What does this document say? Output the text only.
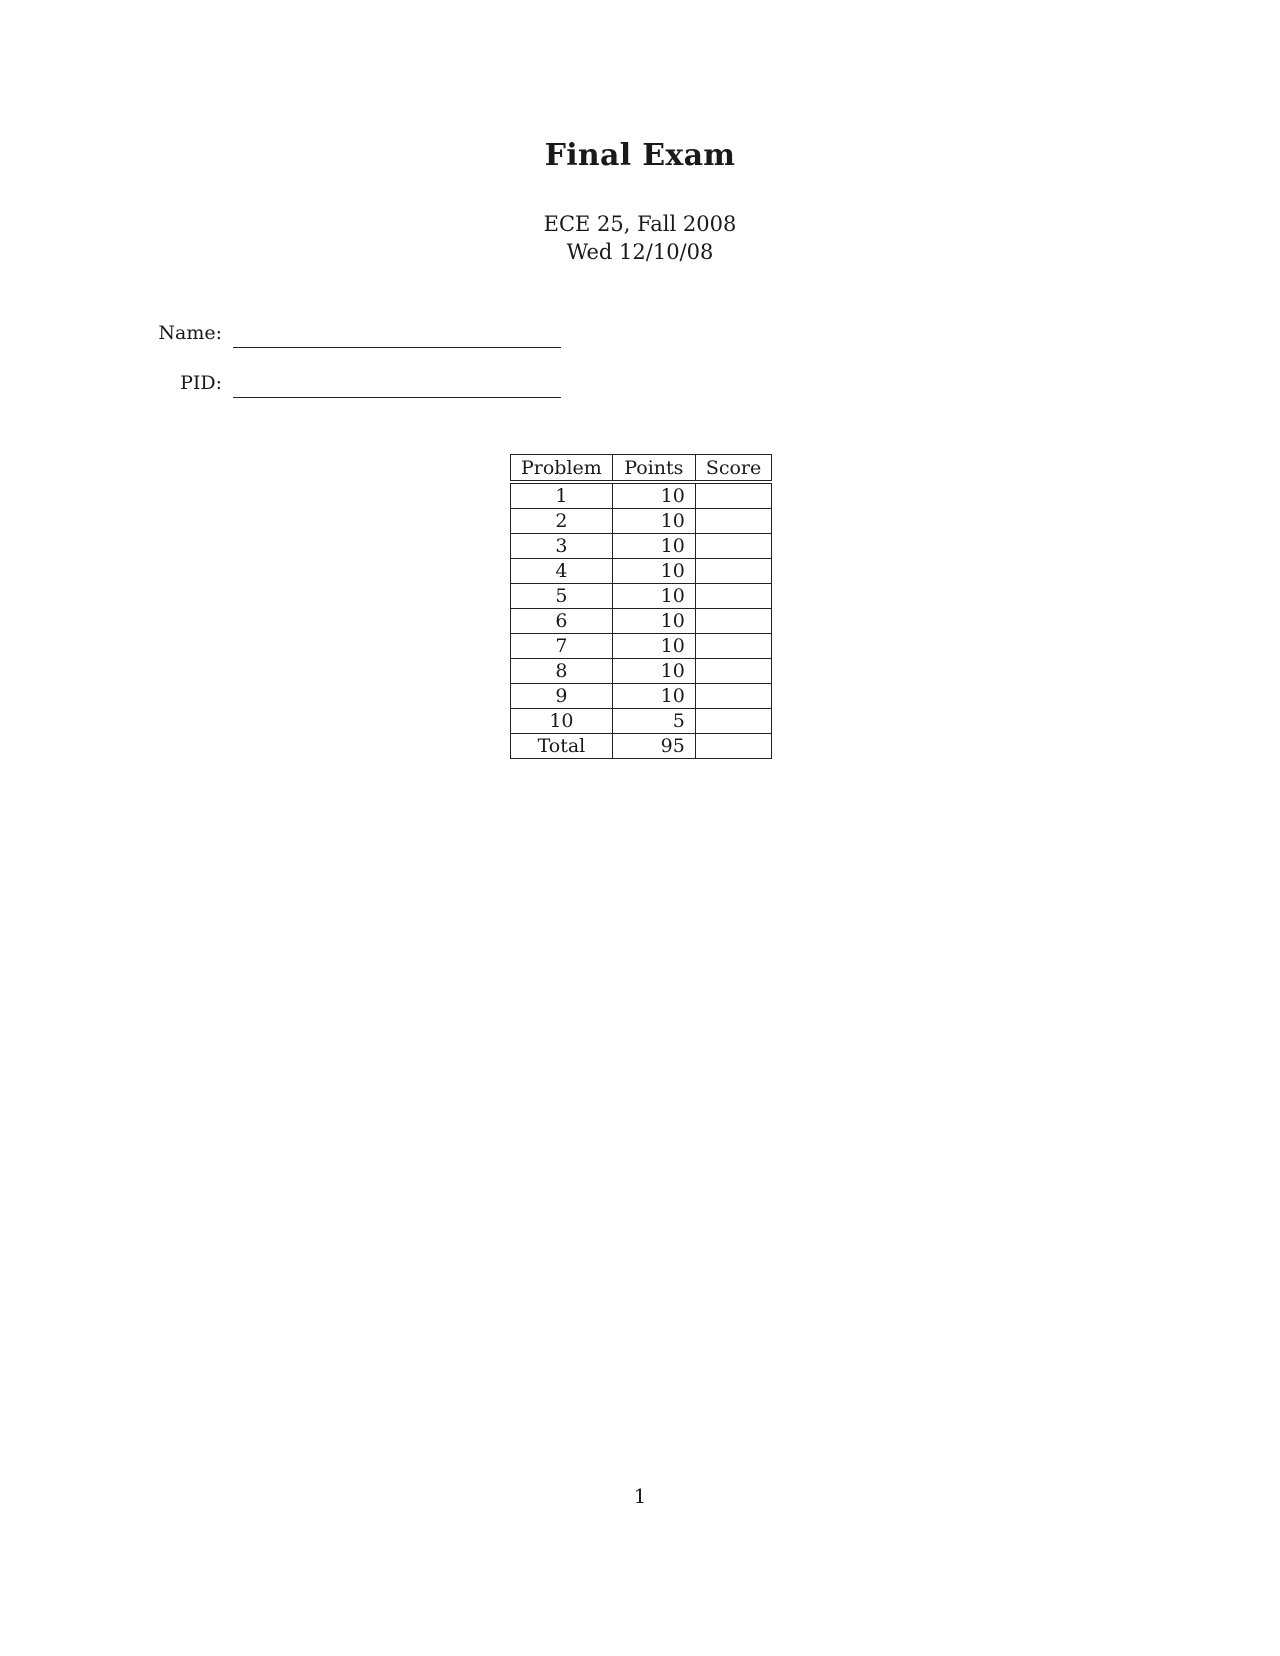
Final Exam
ECE 25, Fall 2008
Wed 12/10/08
Name:
PID:
Problem	Points	Score
1	10	
2	10	
3	10	
4	10	
5	10	
6	10	
7	10	
8	10	
9	10	
10	5	
Total	95	
1
